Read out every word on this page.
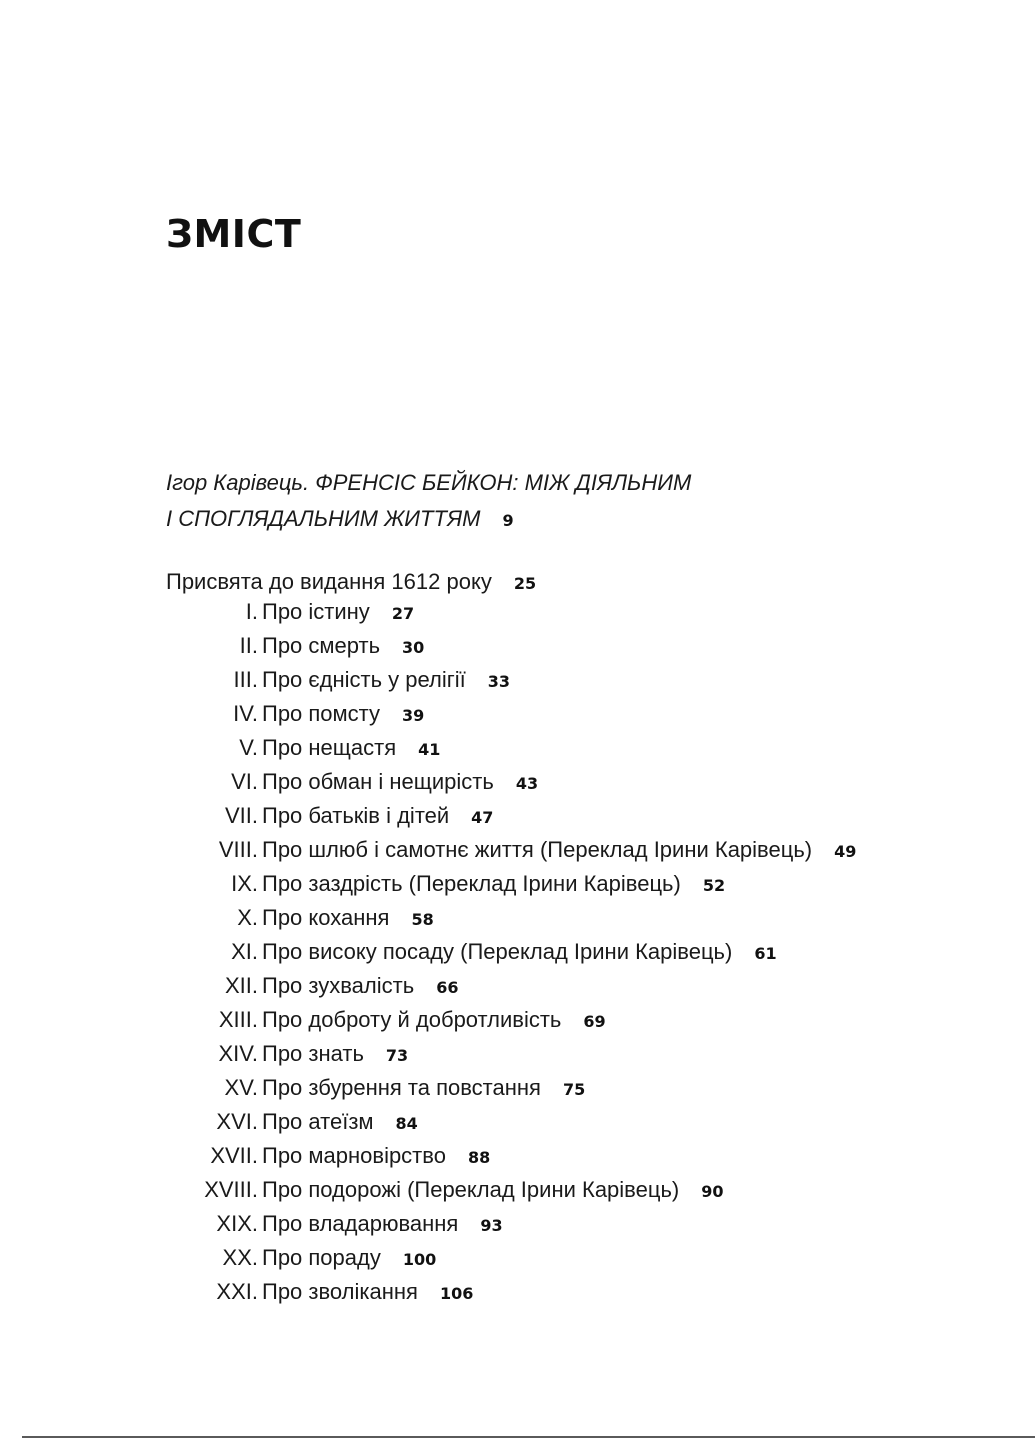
ЗМІСТ
Ігор Карівець. ФРЕНСІС БЕЙКОН: МІЖ ДІЯЛЬНИМ
І СПОГЛЯДАЛЬНИМ ЖИТТЯМ 9
Присвята до видання 1612 року 25
I. Про істину 27
II. Про смерть 30
III. Про єдність у релігії 33
IV. Про помсту 39
V. Про нещастя 41
VI. Про обман і нещирість 43
VII. Про батьків і дітей 47
VIII. Про шлюб і самотнє життя (Переклад Ірини Карівець) 49
IX. Про заздрість (Переклад Ірини Карівець) 52
X. Про кохання 58
XI. Про високу посаду (Переклад Ірини Карівець) 61
XII. Про зухвалість 66
XIII. Про доброту й добротливість 69
XIV. Про знать 73
XV. Про збурення та повстання 75
XVI. Про атеїзм 84
XVII. Про марновірство 88
XVIII. Про подорожі (Переклад Ірини Карівець) 90
XIX. Про владарювання 93
XX. Про пораду 100
XXI. Про зволікання 106
